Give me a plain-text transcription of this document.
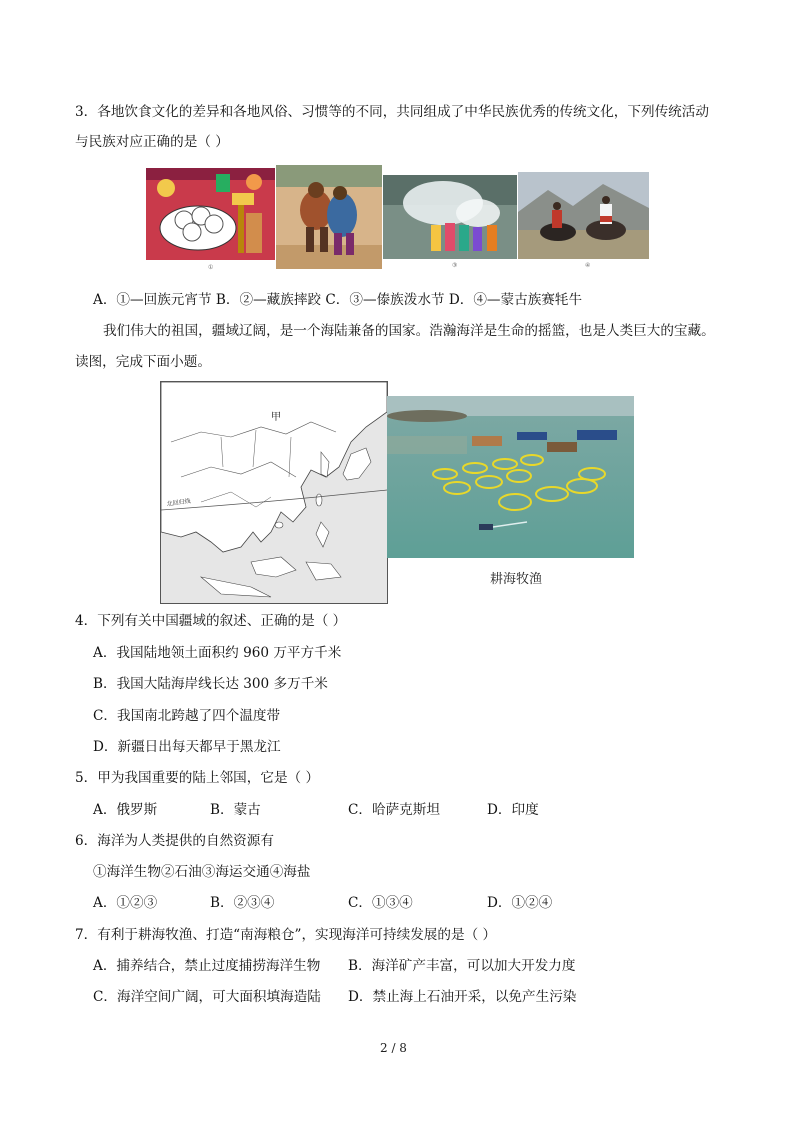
3．各地饮食文化的差异和各地风俗、习惯等的不同，共同组成了中华民族优秀的传统文化，下列传统活动
与民族对应正确的是（ ）
①	③	④
A．①—回族元宵节 B．②—藏族摔跤 C．③—傣族泼水节 D．④—蒙古族赛牦牛
我们伟大的祖国，疆域辽阔，是一个海陆兼备的国家。浩瀚海洋是生命的摇篮，也是人类巨大的宝藏。
读图，完成下面小题。
甲
北回归线
耕海牧渔
4．下列有关中国疆域的叙述、正确的是（ ）
A．我国陆地领土面积约 960 万平方千米
B．我国大陆海岸线长达 300 多万千米
C．我国南北跨越了四个温度带
D．新疆日出每天都早于黑龙江
5．甲为我国重要的陆上邻国，它是（ ）
A．俄罗斯	B．蒙古	C．哈萨克斯坦	D．印度
6．海洋为人类提供的自然资源有
①海洋生物②石油③海运交通④海盐
A．①②③	B．②③④	C．①③④	D．①②④
7．有利于耕海牧渔、打造“南海粮仓”，实现海洋可持续发展的是（ ）
A．捕养结合，禁止过度捕捞海洋生物 B．海洋矿产丰富，可以加大开发力度
C．海洋空间广阔，可大面积填海造陆 D．禁止海上石油开采，以免产生污染
2 / 8
